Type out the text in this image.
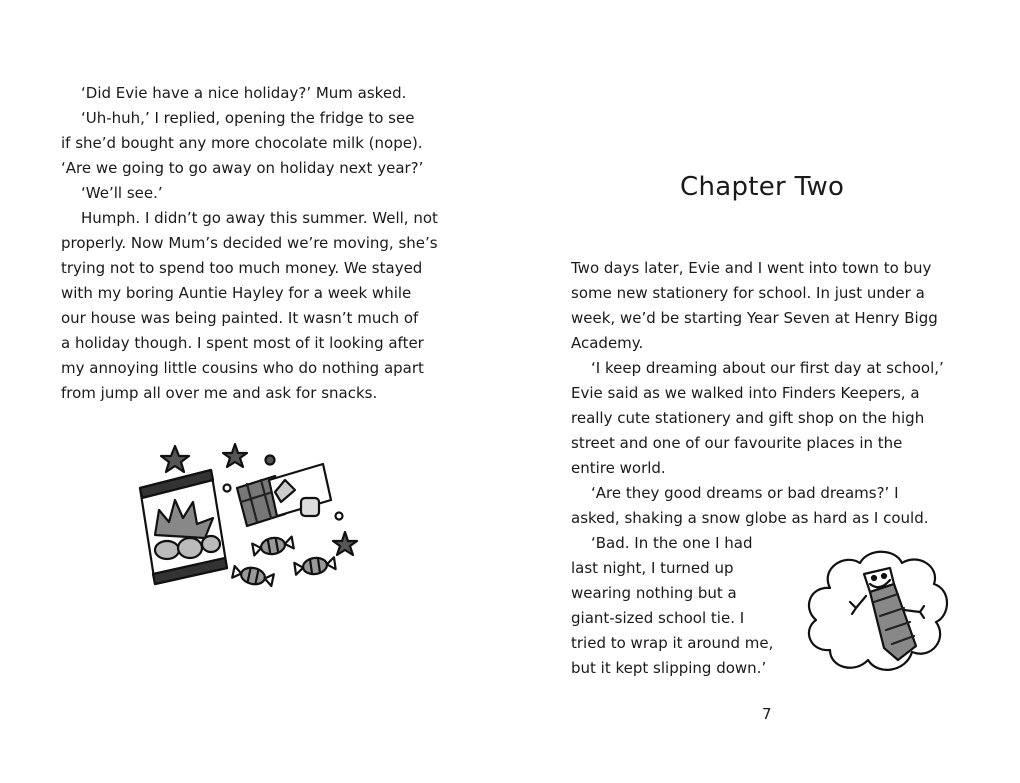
‘Did Evie have a nice holiday?’ Mum asked.
‘Uh-huh,’ I replied, opening the fridge to see
if she’d bought any more chocolate milk (nope).
‘Are we going to go away on holiday next year?’
‘We’ll see.’
Humph. I didn’t go away this summer. Well, not
properly. Now Mum’s decided we’re moving, she’s
trying not to spend too much money. We stayed
with my boring Auntie Hayley for a week while
our house was being painted. It wasn’t much of
a holiday though. I spent most of it looking after
my annoying little cousins who do nothing apart
from jump all over me and ask for snacks.
Chapter Two
Two days later, Evie and I went into town to buy
some new stationery for school. In just under a
week, we’d be starting Year Seven at Henry Bigg
Academy.
‘I keep dreaming about our first day at school,’
Evie said as we walked into Finders Keepers, a
really cute stationery and gift shop on the high
street and one of our favourite places in the
entire world.
‘Are they good dreams or bad dreams?’ I
asked, shaking a snow globe as hard as I could.
‘Bad. In the one I had
last night, I turned up
wearing nothing but a
giant-sized school tie. I
tried to wrap it around me,
but it kept slipping down.’
7
